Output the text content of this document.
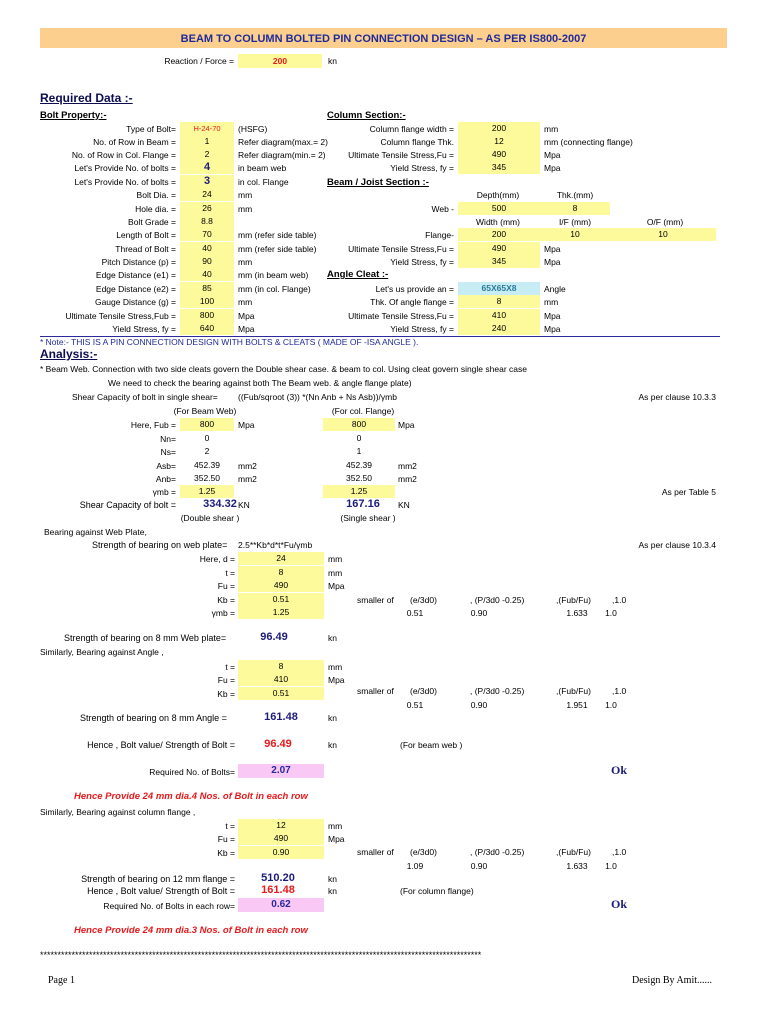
BEAM TO COLUMN BOLTED PIN CONNECTION DESIGN – AS PER IS800-2007
Reaction / Force =	200	kn
Required Data :-
Bolt Property:-	Column Section:-
Type of Bolt=	H-24-70	(HSFG)
No. of Row in Beam =	1	Refer diagram(max.= 2)
No. of Row in Col. Flange =	2	Refer diagram(min.= 2)
Let's Provide No. of bolts =	4	in beam web
Let's Provide No. of bolts =	3	in col. Flange
Bolt Dia. =	24	mm
Hole dia. =	26	mm
Bolt Grade =	8.8
Length of Bolt =	70	mm (refer side table)
Thread of Bolt =	40	mm (refer side table)
Pitch Distance (p) =	90	mm
Edge Distance (e1) =	40	mm (in beam web)
Edge Distance (e2) =	85	mm (in col. Flange)
Gauge Distance (g) =	100	mm
Ultimate Tensile Stress,Fub =	800	Mpa
Yield Stress, fy =	640	Mpa
Column flange width =	200	mm
Column flange Thk.	12	mm (connecting flange)
Ultimate Tensile Stress,Fu =	490	Mpa
Yield Stress, fy =	345	Mpa
Beam / Joist Section :-
Depth(mm)	Thk.(mm)
Web -	500	8
Width (mm)	I/F (mm)	O/F (mm)
Flange-	200	10	10
Ultimate Tensile Stress,Fu =	490	Mpa
Yield Stress, fy =	345	Mpa
Angle Cleat :-
Let's us provide an =	65X65X8	Angle
Thk. Of angle flange =	8	mm
Ultimate Tensile Stress,Fu =	410	Mpa
Yield Stress, fy =	240	Mpa
* Note:- THIS IS A PIN CONNECTION DESIGN WITH BOLTS & CLEATS ( MADE OF -ISA ANGLE ).
Analysis:-
* Beam Web. Connection with two side cleats govern the Double shear case. & beam to col. Using cleat govern single shear case
We need to check the bearing against both The Beam web. & angle flange plate)
Shear Capacity of bolt in single shear= ((Fub/sqroot (3)) *(Nn Anb + Ns Asb))/γmb	As per clause 10.3.3
(For Beam Web)	(For col. Flange)
Here, Fub =	800	Mpa	800	Mpa
Nn=	0	0
Ns=	2	1
Asb=	452.39	mm2	452.39	mm2
Anb=	352.50	mm2	352.50	mm2
γmb =	1.25	1.25	As per Table 5
Shear Capacity of bolt =	334.32 KN	167.16	KN
(Double shear )	(Single shear )
Bearing against Web Plate,
Strength of bearing on web plate= 2.5**Kb*d*t*Fu/γmb	As per clause 10.3.4
Here, d =	24	mm
t =	8	mm
Fu =	490	Mpa
Kb =	0.51
γmb =	1.25
smaller of (e/3d0)	, (P/3d0 -0.25)	,(Fub/Fu) ,1.0
0.51	0.90	1.633	1.0
Strength of bearing on 8 mm Web plate=	96.49	kn
Similarly, Bearing against Angle ,
t =	8	mm
Fu =	410	Mpa
Kb =	0.51	smaller of (e/3d0)	, (P/3d0 -0.25)	,(Fub/Fu) ,1.0
0.51	0.90	1.951	1.0
Strength of bearing on 8 mm Angle =	161.48	kn
Hence , Bolt value/ Strength of Bolt =	96.49	kn	(For beam web )
Required No. of Bolts=	2.07	Ok
Hence Provide 24 mm dia.4 Nos. of Bolt in each row
Similarly, Bearing against column flange ,
t =	12	mm
Fu =	490	Mpa
Kb =	0.90	smaller of (e/3d0)	, (P/3d0 -0.25)	,(Fub/Fu) ,1.0
1.09	0.90	1.633	1.0
Strength of bearing on 12 mm flange =	510.20	kn
Hence , Bolt value/ Strength of Bolt =	161.48	kn	(For column flange)
Required No. of Bolts in each row=	0.62	Ok
Hence Provide 24 mm dia.3 Nos. of Bolt in each row
******************************************************************************************************************************
Page 1	Design By Amit......
